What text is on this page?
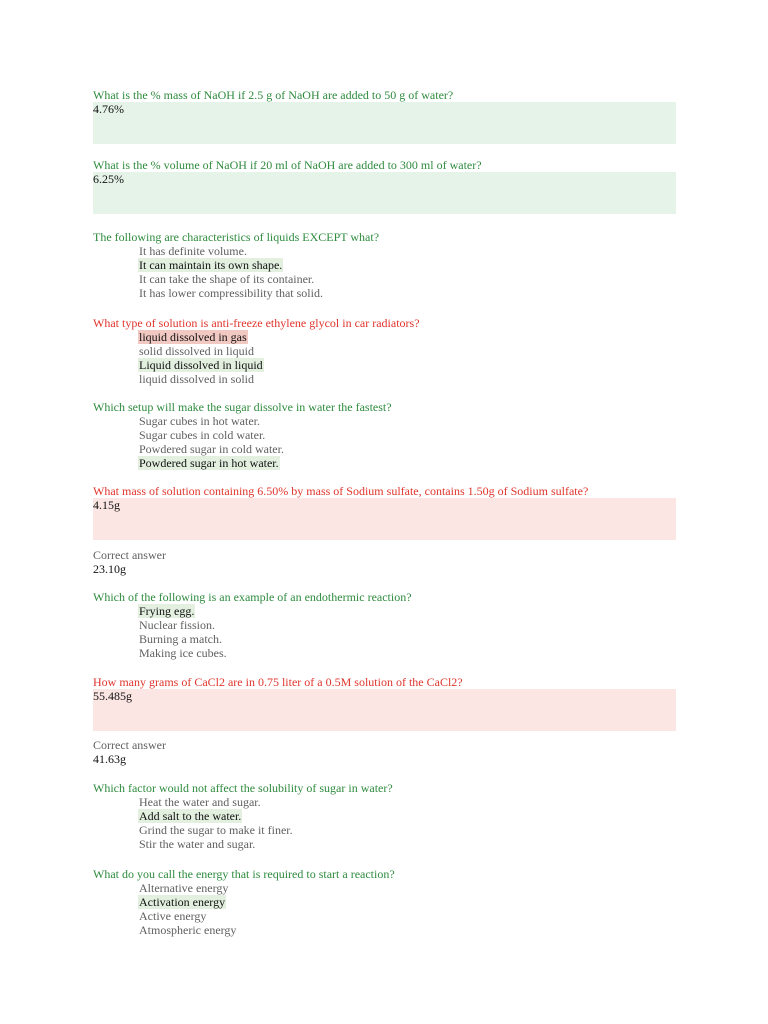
What is the % mass of NaOH if 2.5 g of NaOH are added to 50 g of water?
4.76%
What is the % volume of NaOH if 20 ml of NaOH are added to 300 ml of water?
6.25%
The following are characteristics of liquids EXCEPT what?
It has definite volume.
It can maintain its own shape.
It can take the shape of its container.
It has lower compressibility that solid.
What type of solution is anti-freeze ethylene glycol in car radiators?
liquid dissolved in gas
solid dissolved in liquid
Liquid dissolved in liquid
liquid dissolved in solid
Which setup will make the sugar dissolve in water the fastest?
Sugar cubes in hot water.
Sugar cubes in cold water.
Powdered sugar in cold water.
Powdered sugar in hot water.
What mass of solution containing 6.50% by mass of Sodium sulfate, contains 1.50g of Sodium sulfate?
4.15g
Correct answer
23.10g
Which of the following is an example of an endothermic reaction?
Frying egg.
Nuclear fission.
Burning a match.
Making ice cubes.
How many grams of CaCl2 are in 0.75 liter of a 0.5M solution of the CaCl2?
55.485g
Correct answer
41.63g
Which factor would not affect the solubility of sugar in water?
Heat the water and sugar.
Add salt to the water.
Grind the sugar to make it finer.
Stir the water and sugar.
What do you call the energy that is required to start a reaction?
Alternative energy
Activation energy
Active energy
Atmospheric energy
